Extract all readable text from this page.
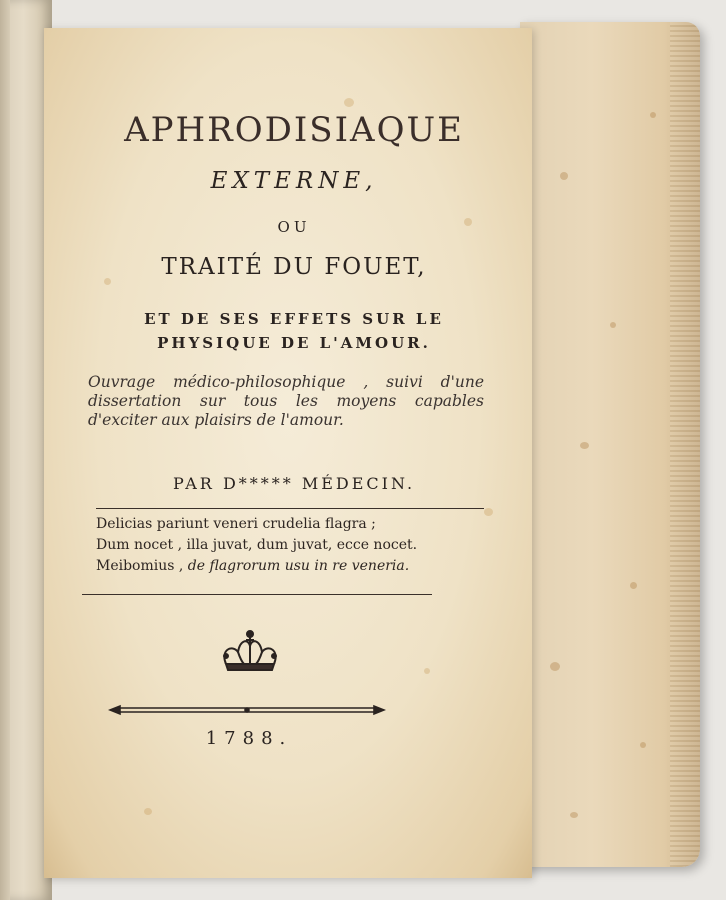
APHRODISIAQUE
EXTERNE,
OU
TRAITÉ DU FOUET,
ET DE SES EFFETS SUR LE
PHYSIQUE DE L'AMOUR.
Ouvrage médico-philosophique , suivi d'une dissertation sur tous les moyens capables d'exciter aux plaisirs de l'amour.
PAR D***** MÉDECIN.
Delicias pariunt veneri crudelia flagra ;
Dum nocet , illa juvat, dum juvat, ecce nocet.
Meibomius , de flagrorum usu in re veneria.
1788.
